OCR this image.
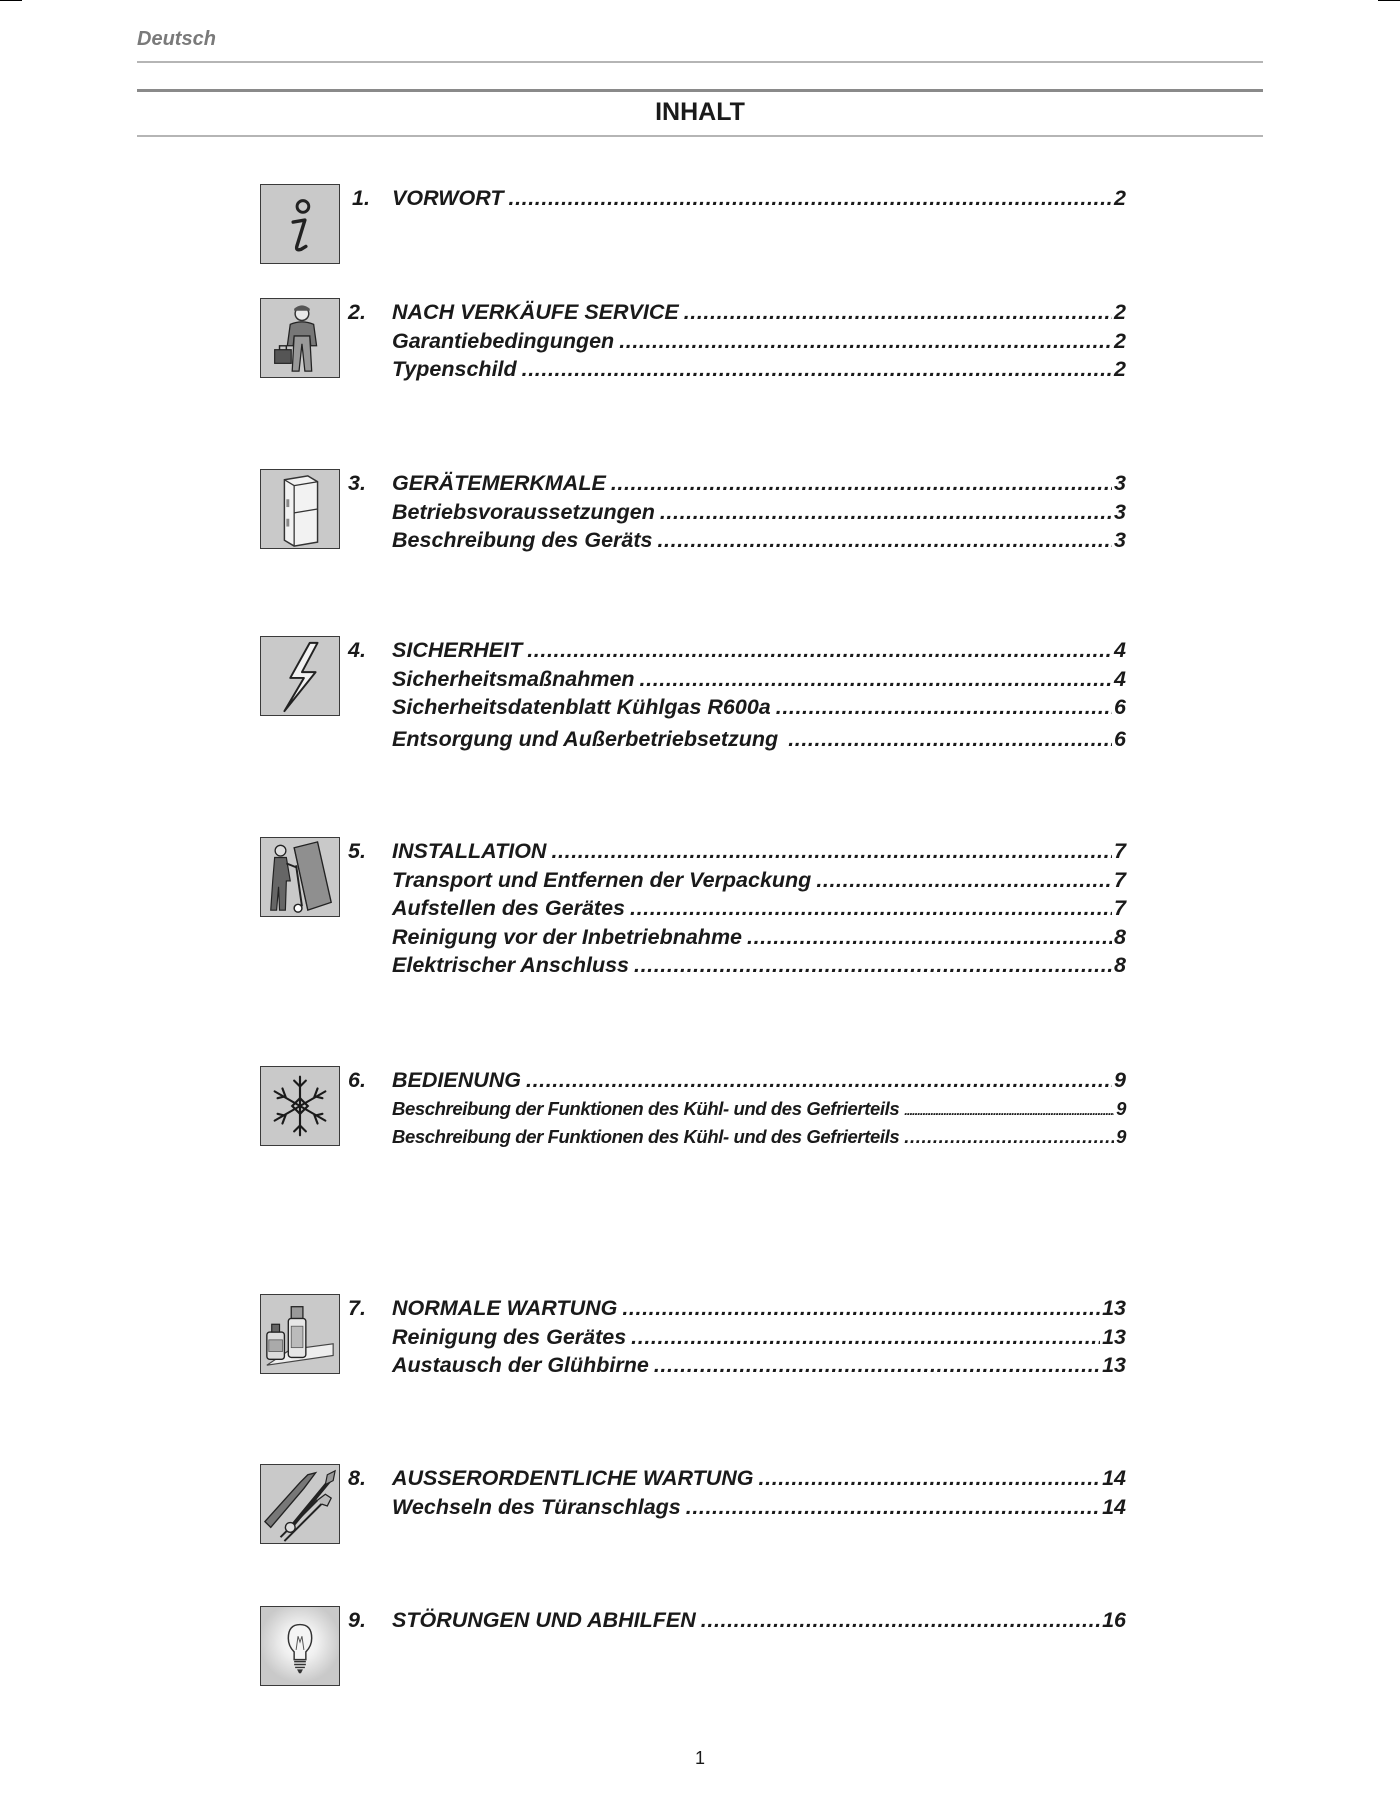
Deutsch
INHALT
1. VORWORT .....	2
2. NACH VERKÄUFE SERVICE .....	2
Garantiebedingungen .....	2
Typenschild .....	2
3. GERÄTEMERKMALE .....	3
Betriebsvoraussetzungen .....	3
Beschreibung des Geräts .....	3
4. SICHERHEIT .....	4
Sicherheitsmaßnahmen .....	4
Sicherheitsdatenblatt Kühlgas R600a .....	6
Entsorgung und Außerbetriebsetzung .....	6
5. INSTALLATION .....	7
Transport und Entfernen der Verpackung .....	7
Aufstellen des Gerätes .....	7
Reinigung vor der Inbetriebnahme .....	8
Elektrischer Anschluss .....	8
6. BEDIENUNG .....	9
Beschreibung der Funktionen des Kühl- und des Gefrierteils .....	9
Beschreibung der Funktionen des Kühl- und des Gefrierteils .....	9
7. NORMALE WARTUNG .....	13
Reinigung des Gerätes .....	13
Austausch der Glühbirne .....	13
8. AUSSERORDENTLICHE WARTUNG .....	14
Wechseln des Türanschlags .....	14
9. STÖRUNGEN UND ABHILFEN .....	16
1
